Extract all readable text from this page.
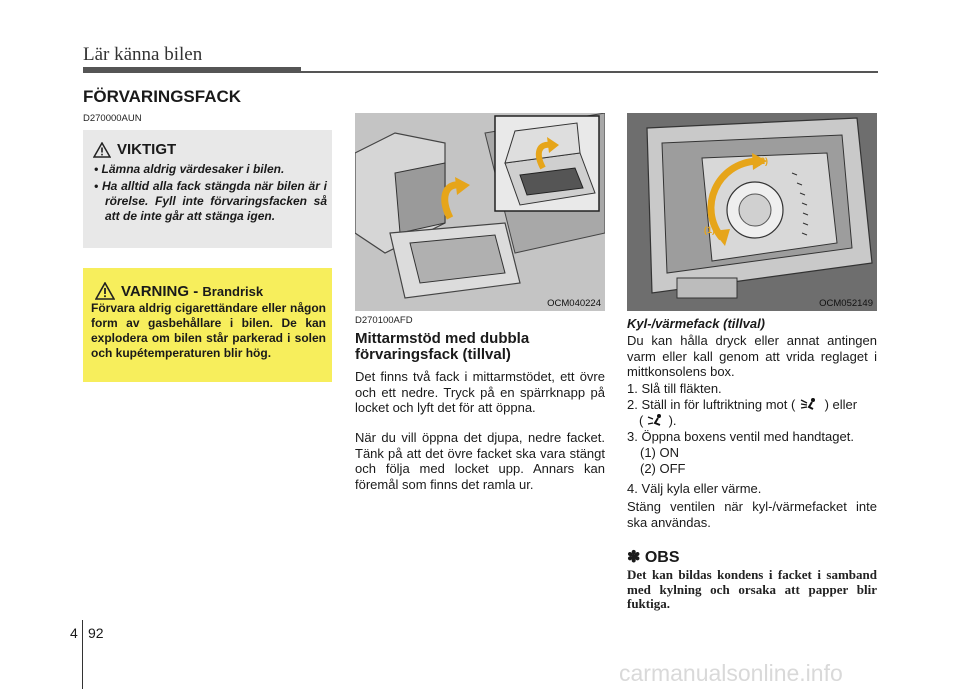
Lär känna bilen
FÖRVARINGSFACK
D270000AUN
VIKTIGT
• Lämna aldrig värdesaker i bilen.
• Ha alltid alla fack stängda när bilen är i rörelse. Fyll inte förvaringsfacken så att de inte går att stänga igen.
VARNING - Brandrisk
Förvara aldrig cigarettändare eller någon form av gasbehållare i bilen. De kan explodera om bilen står parkerad i solen och kupétemperaturen blir hög.
OCM040224
(2)
(1)
OCM052149
D270100AFD
Mittarmstöd med dubbla förvaringsfack (tillval)
Det finns två fack i mittarmstödet, ett övre och ett nedre. Tryck på en spärrknapp på locket och lyft det för att öppna.
När du vill öppna det djupa, nedre facket. Tänk på att det övre facket ska vara stängt och följa med locket upp. Annars kan föremål som finns det ramla ur.
Kyl-/värmefack (tillval)
Du kan hålla dryck eller annat antingen varm eller kall genom att vrida reglaget i mittkonsolens box.
1. Slå till fläkten.
2. Ställ in för luftriktning mot ( ) eller
( ).
3. Öppna boxens ventil med handtaget.
(1) ON
(2) OFF
4. Välj kyla eller värme.
Stäng ventilen när kyl-/värmefacket inte ska användas.
✽ OBS
Det kan bildas kondens i facket i samband med kylning och orsaka att papper blir fuktiga.
4 92
carmanualsonline.info
